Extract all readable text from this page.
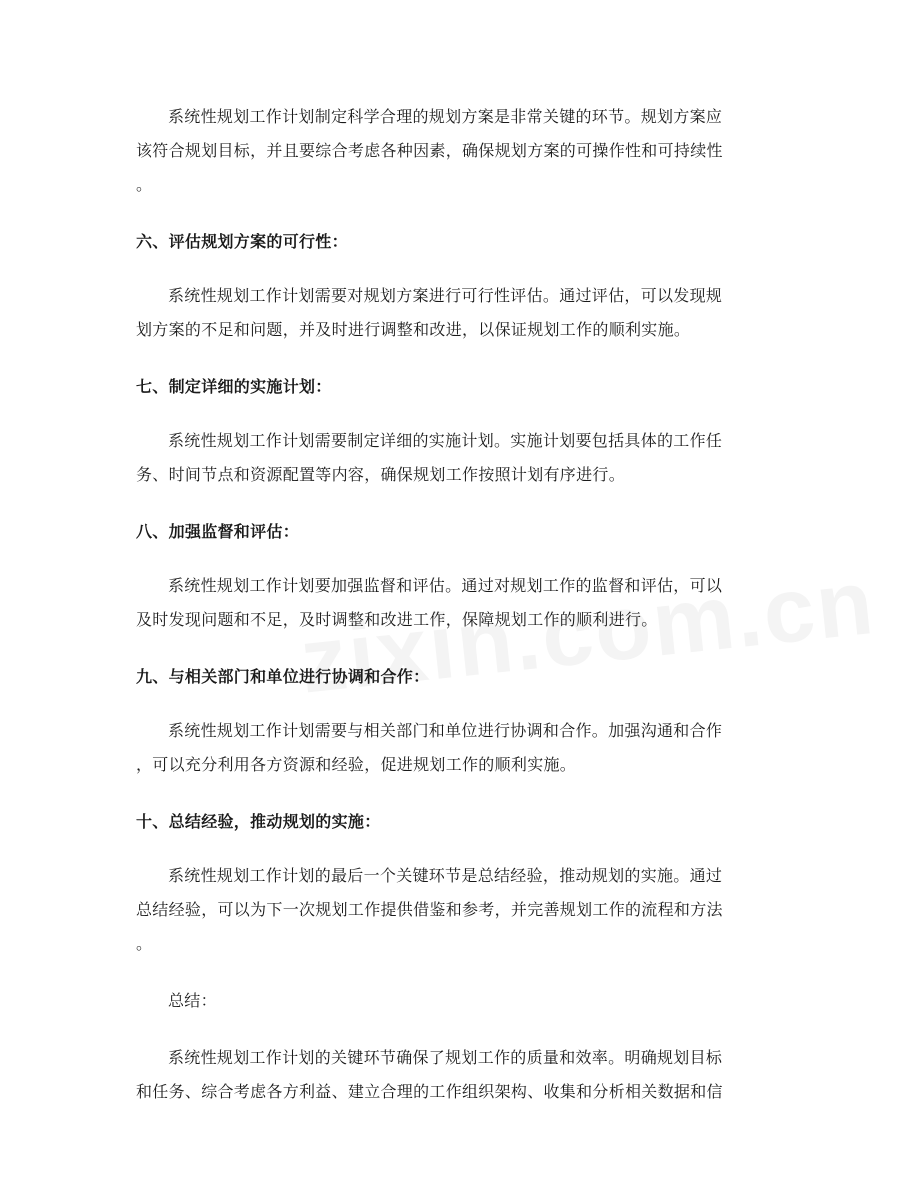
系统性规划工作计划制定科学合理的规划方案是非常关键的环节。规划方案应
该符合规划目标，并且要综合考虑各种因素，确保规划方案的可操作性和可持续性
。

六、评估规划方案的可行性：

系统性规划工作计划需要对规划方案进行可行性评估。通过评估，可以发现规
划方案的不足和问题，并及时进行调整和改进，以保证规划工作的顺利实施。

七、制定详细的实施计划：

系统性规划工作计划需要制定详细的实施计划。实施计划要包括具体的工作任
务、时间节点和资源配置等内容，确保规划工作按照计划有序进行。

八、加强监督和评估：

系统性规划工作计划要加强监督和评估。通过对规划工作的监督和评估，可以
及时发现问题和不足，及时调整和改进工作，保障规划工作的顺利进行。

九、与相关部门和单位进行协调和合作：

系统性规划工作计划需要与相关部门和单位进行协调和合作。加强沟通和合作
，可以充分利用各方资源和经验，促进规划工作的顺利实施。

十、总结经验，推动规划的实施：

系统性规划工作计划的最后一个关键环节是总结经验，推动规划的实施。通过
总结经验，可以为下一次规划工作提供借鉴和参考，并完善规划工作的流程和方法
。

总结：

系统性规划工作计划的关键环节确保了规划工作的质量和效率。明确规划目标
和任务、综合考虑各方利益、建立合理的工作组织架构、收集和分析相关数据和信
